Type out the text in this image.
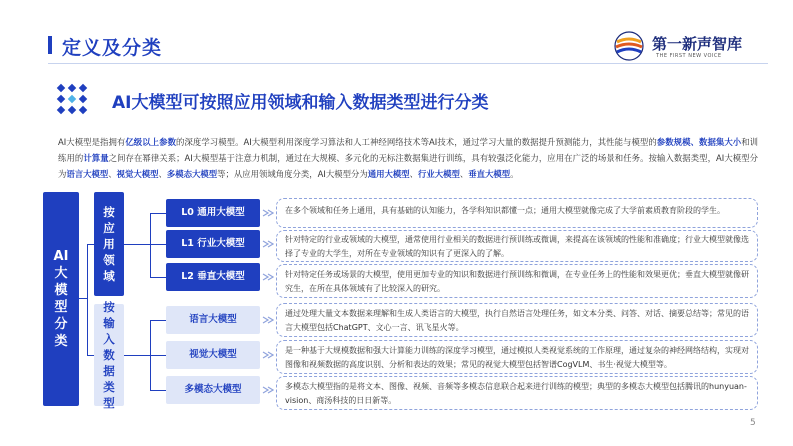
定义及分类	第一新声智库
THE FIRST NEW VOICE
AI大模型可按照应用领域和输入数据类型进行分类
AI大模型是指拥有亿级以上参数的深度学习模型。AI大模型利用深度学习算法和人工神经网络技术等AI技术，通过学习大量的数据提升预测能力，其性能与模型的参数规模、数据集大小和训练用的计算量之间存在幂律关系；AI大模型基于注意力机制，通过在大规模、多元化的无标注数据集进行训练，具有较强泛化能力，应用在广泛的场景和任务。按输入数据类型，AI大模型分为语言大模型、视觉大模型、多模态大模型等；从应用领域角度分类，AI大模型分为通用大模型、行业大模型、垂直大模型。
AI
大
模
型
分
类
按
应
用
领
域
按
输
入
数
据
类
型
L0 通用大模型
L1 行业大模型
L2 垂直大模型
语言大模型
视觉大模型
多模态大模型
在多个领域和任务上通用，具有基础的认知能力，各学科知识都懂一点；通用大模型就像完成了大学前素质教育阶段的学生。
针对特定的行业或领域的大模型，通常使用行业相关的数据进行预训练或微调，来提高在该领域的性能和准确度；行业大模型就像选择了专业的大学生，对所在专业领域的知识有了更深入的了解。
针对特定任务或场景的大模型，使用更加专业的知识和数据进行预训练和微调，在专业任务上的性能和效果更优；垂直大模型就像研究生，在所在具体领域有了比较深入的研究。
通过处理大量文本数据来理解和生成人类语言的大模型，执行自然语言处理任务，如文本分类、问答、对话、摘要总结等；常见的语言大模型包括ChatGPT、文心一言、讯飞星火等。
是一种基于大规模数据和强大计算能力训练的深度学习模型，通过模拟人类视觉系统的工作原理，通过复杂的神经网络结构，实现对图像和视频数据的高度识别、分析和表达的效果；常见的视觉大模型包括智谱CogVLM、书生·视觉大模型等。
多模态大模型指的是将文本、图像、视频、音频等多模态信息联合起来进行训练的模型；典型的多模态大模型包括腾讯的hunyuan-vision、商汤科技的日日新等。
5
